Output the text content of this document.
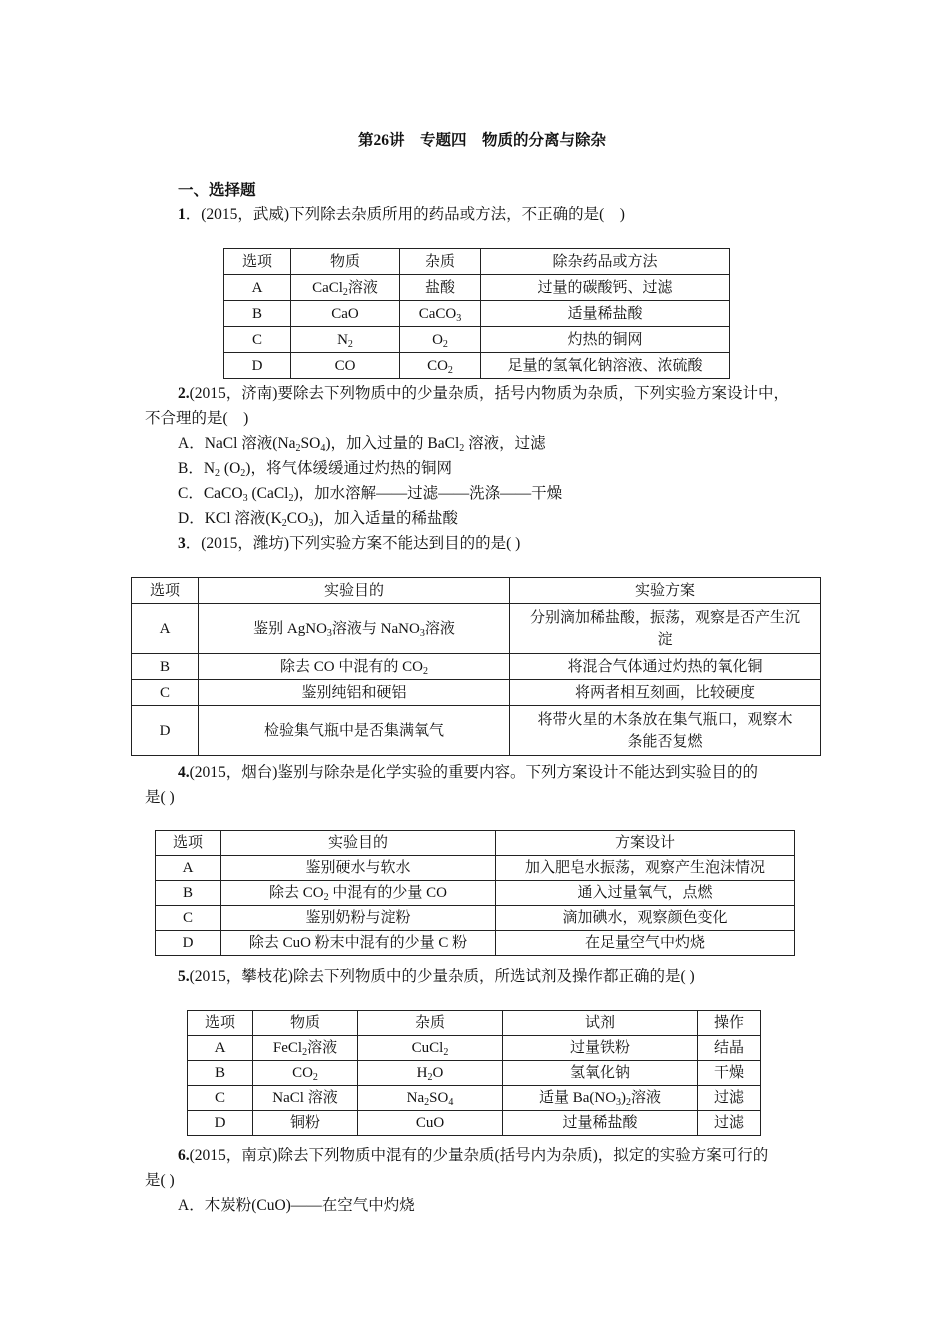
第26讲　专题四　物质的分离与除杂
一、选择题
1．(2015，武威)下列除去杂质所用的药品或方法，不正确的是(　)
选项	物质	杂质	除杂药品或方法
A	CaCl$_2$溶液	盐酸	过量的碳酸钙、过滤
B	CaO	CaCO$_3$	适量稀盐酸
C	$N_2$	$O_2$	灼热的铜网
D	CO	$CO_2$	足量的氢氧化钠溶液、浓硫酸
2.(2015，济南)要除去下列物质中的少量杂质，括号内物质为杂质，下列实验方案设计中，
不合理的是(　)
A．NaCl 溶液$(Na_2SO_4)$，加入过量的 BaCl$_2$ 溶液，过滤
B．$N_2$ $(O_2)$，将气体缓缓通过灼热的铜网
C．CaCO$_3$ (CaCl$_2$)，加水溶解——过滤——洗涤——干燥
D．KCl 溶液$(K_2CO_3)$，加入适量的稀盐酸
3．(2015，潍坊)下列实验方案不能达到目的的是( )
选项	实验目的	实验方案
A	鉴别 AgNO$_3$溶液与 NaNO$_3$溶液	分别滴加稀盐酸，振荡，观察是否产生沉
淀

B	除去 CO 中混有的 $CO_2$	将混合气体通过灼热的氧化铜
C	鉴别纯铝和硬铝	将两者相互刻画，比较硬度
D	检验集气瓶中是否集满氧气	将带火星的木条放在集气瓶口，观察木
条能否复燃
4.(2015，烟台)鉴别与除杂是化学实验的重要内容。下列方案设计不能达到实验目的的
是( )
选项	实验目的	方案设计
A	鉴别硬水与软水	加入肥皂水振荡，观察产生泡沫情况
B	除去 $CO_2$ 中混有的少量 CO	通入过量氧气，点燃
C	鉴别奶粉与淀粉	滴加碘水，观察颜色变化
D	除去 CuO 粉末中混有的少量 C 粉	在足量空气中灼烧
5.(2015，攀枝花)除去下列物质中的少量杂质，所选试剂及操作都正确的是( )
选项	物质	杂质	试剂	操作
A	FeCl$_2$溶液	CuCl$_2$	过量铁粉	结晶
B	$CO_2$	$H_2O$	氢氧化钠	干燥
C	NaCl 溶液	$Na_2SO_4$	适量 $Ba(NO_3)_2$溶液	过滤
D	铜粉	CuO	过量稀盐酸	过滤
6.(2015，南京)除去下列物质中混有的少量杂质(括号内为杂质)，拟定的实验方案可行的
是( )
A．木炭粉(CuO)——在空气中灼烧
